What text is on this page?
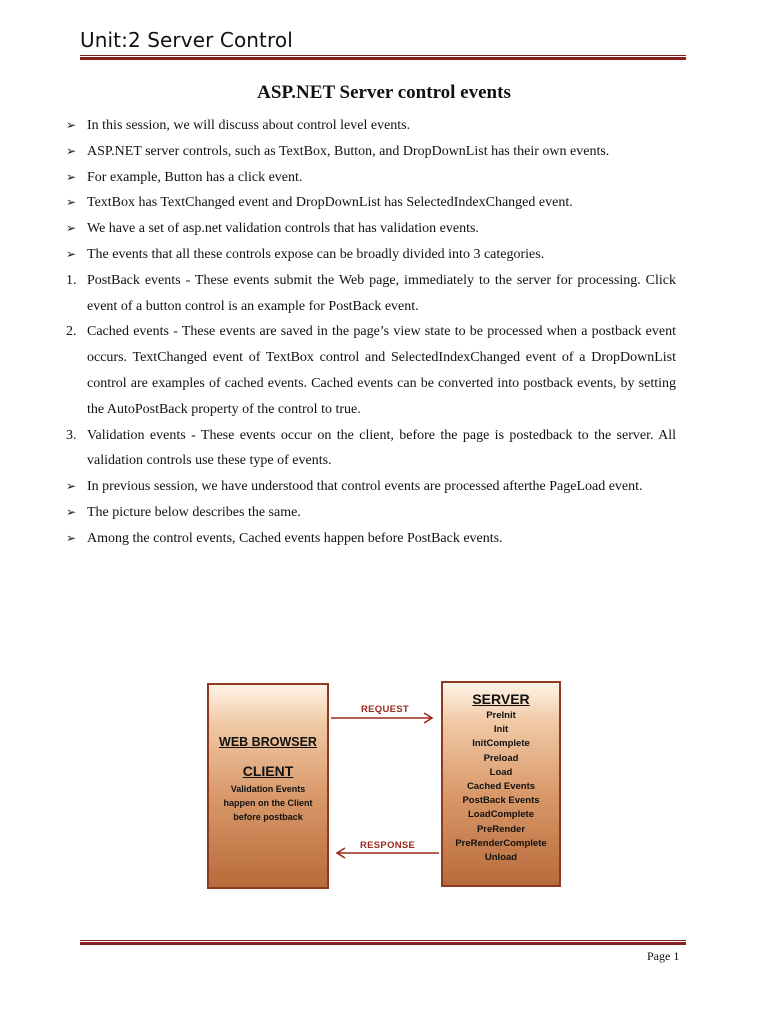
Unit:2 Server Control
ASP.NET Server control events
➢ In this session, we will discuss about control level events.
➢ ASP.NET server controls, such as TextBox, Button, and DropDownList has their own events.
➢ For example, Button has a click event.
➢ TextBox has TextChanged event and DropDownList has SelectedIndexChanged event.
➢ We have a set of asp.net validation controls that has validation events.
➢ The events that all these controls expose can be broadly divided into 3 categories.
1. PostBack events - These events submit the Web page, immediately to the server for processing. Click event of a button control is an example for PostBack event.
2. Cached events - These events are saved in the page’s view state to be processed when a postback event occurs. TextChanged event of TextBox control and SelectedIndexChanged event of a DropDownList control are examples of cached events. Cached events can be converted into postback events, by setting the AutoPostBack property of the control to true.
3. Validation events - These events occur on the client, before the page is postedback to the server. All validation controls use these type of events.
➢ In previous session, we have understood that control events are processed afterthe PageLoad event.
➢ The picture below describes the same.
➢ Among the control events, Cached events happen before PostBack events.
WEB BROWSER
CLIENT
Validation Events happen on the Client before postback
REQUEST
RESPONSE
SERVER
PreInit
Init
InitComplete
Preload
Load
Cached Events
PostBack Events
LoadComplete
PreRender
PreRenderComplete
Unload
Page 1
